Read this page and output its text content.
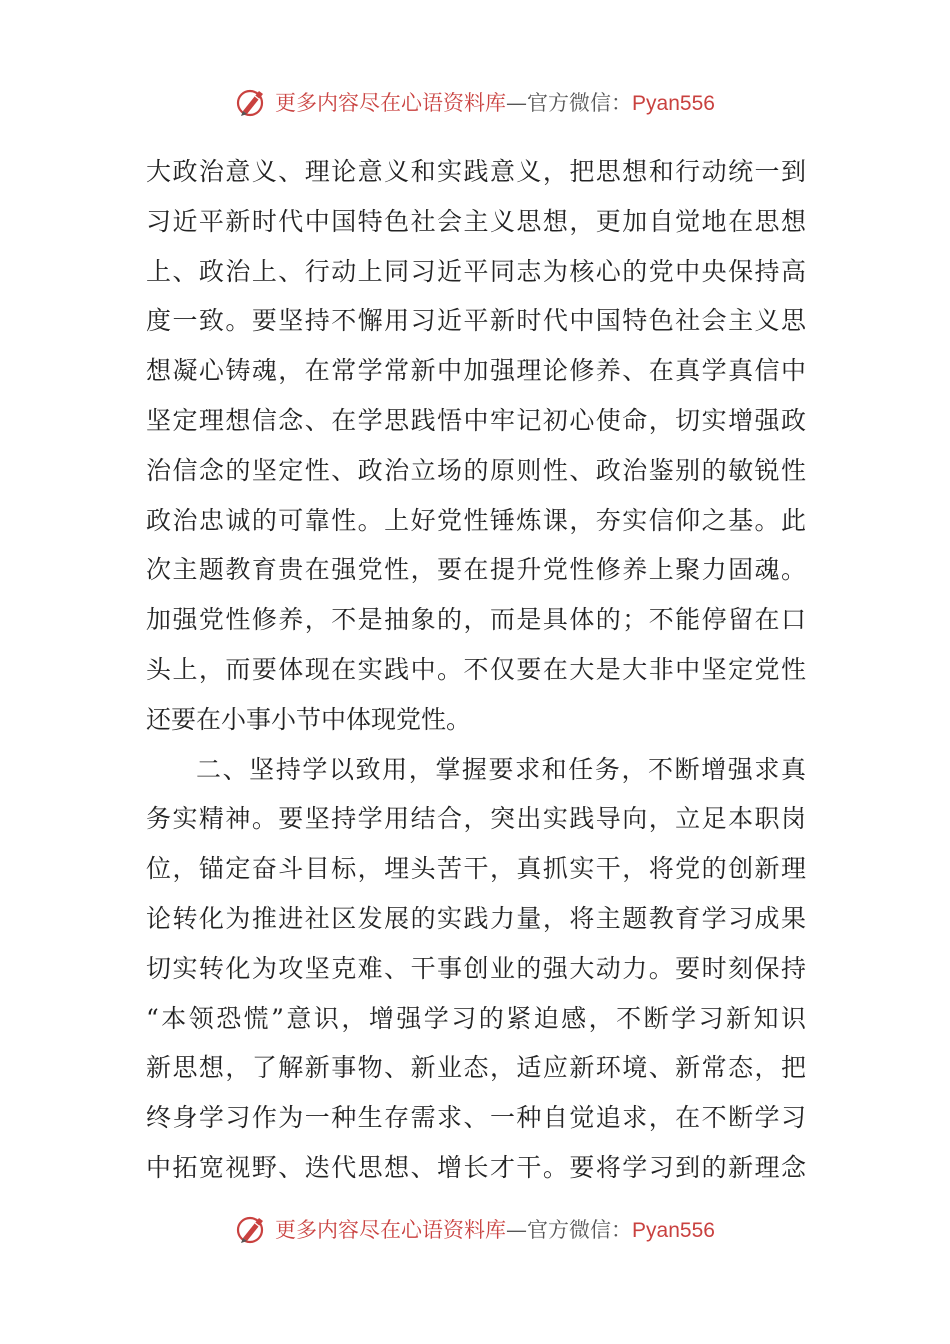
更多内容尽在心语资料库—官方微信：Pyan556
大政治意义、理论意义和实践意义，把思想和行动统一到
习近平新时代中国特色社会主义思想，更加自觉地在思想
上、政治上、行动上同习近平同志为核心的党中央保持高
度一致。要坚持不懈用习近平新时代中国特色社会主义思
想凝心铸魂，在常学常新中加强理论修养、在真学真信中
坚定理想信念、在学思践悟中牢记初心使命，切实增强政
治信念的坚定性、政治立场的原则性、政治鉴别的敏锐性
政治忠诚的可靠性。上好党性锤炼课，夯实信仰之基。此
次主题教育贵在强党性，要在提升党性修养上聚力固魂。
加强党性修养，不是抽象的，而是具体的；不能停留在口
头上，而要体现在实践中。不仅要在大是大非中坚定党性
还要在小事小节中体现党性。
二、坚持学以致用，掌握要求和任务，不断增强求真
务实精神。要坚持学用结合，突出实践导向，立足本职岗
位，锚定奋斗目标，埋头苦干，真抓实干，将党的创新理
论转化为推进社区发展的实践力量，将主题教育学习成果
切实转化为攻坚克难、干事创业的强大动力。要时刻保持
“本领恐慌”意识，增强学习的紧迫感，不断学习新知识
新思想，了解新事物、新业态，适应新环境、新常态，把
终身学习作为一种生存需求、一种自觉追求，在不断学习
中拓宽视野、迭代思想、增长才干。要将学习到的新理念
更多内容尽在心语资料库—官方微信：Pyan556
